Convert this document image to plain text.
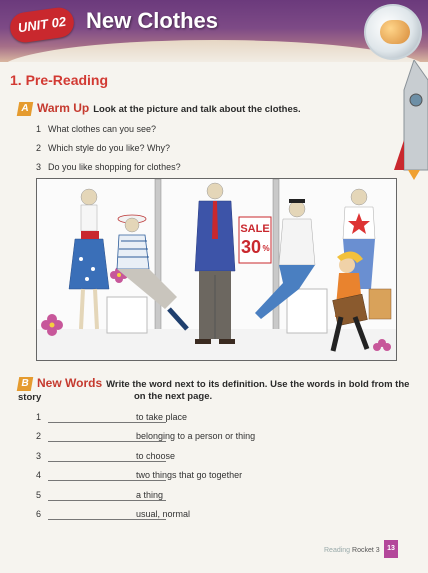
UNIT 02 New Clothes
1. Pre-Reading
A Warm Up Look at the picture and talk about the clothes.
1 What clothes can you see?
2 Which style do you like? Why?
3 Do you like shopping for clothes?
SALE
30 %
B New Words Write the word next to its definition. Use the words in bold from the story	on the next page.
1	to take place
2	belonging to a person or thing
3	to choose
4	two things that go together
5	a thing
6	usual, normal
Reading Rocket 3	13
